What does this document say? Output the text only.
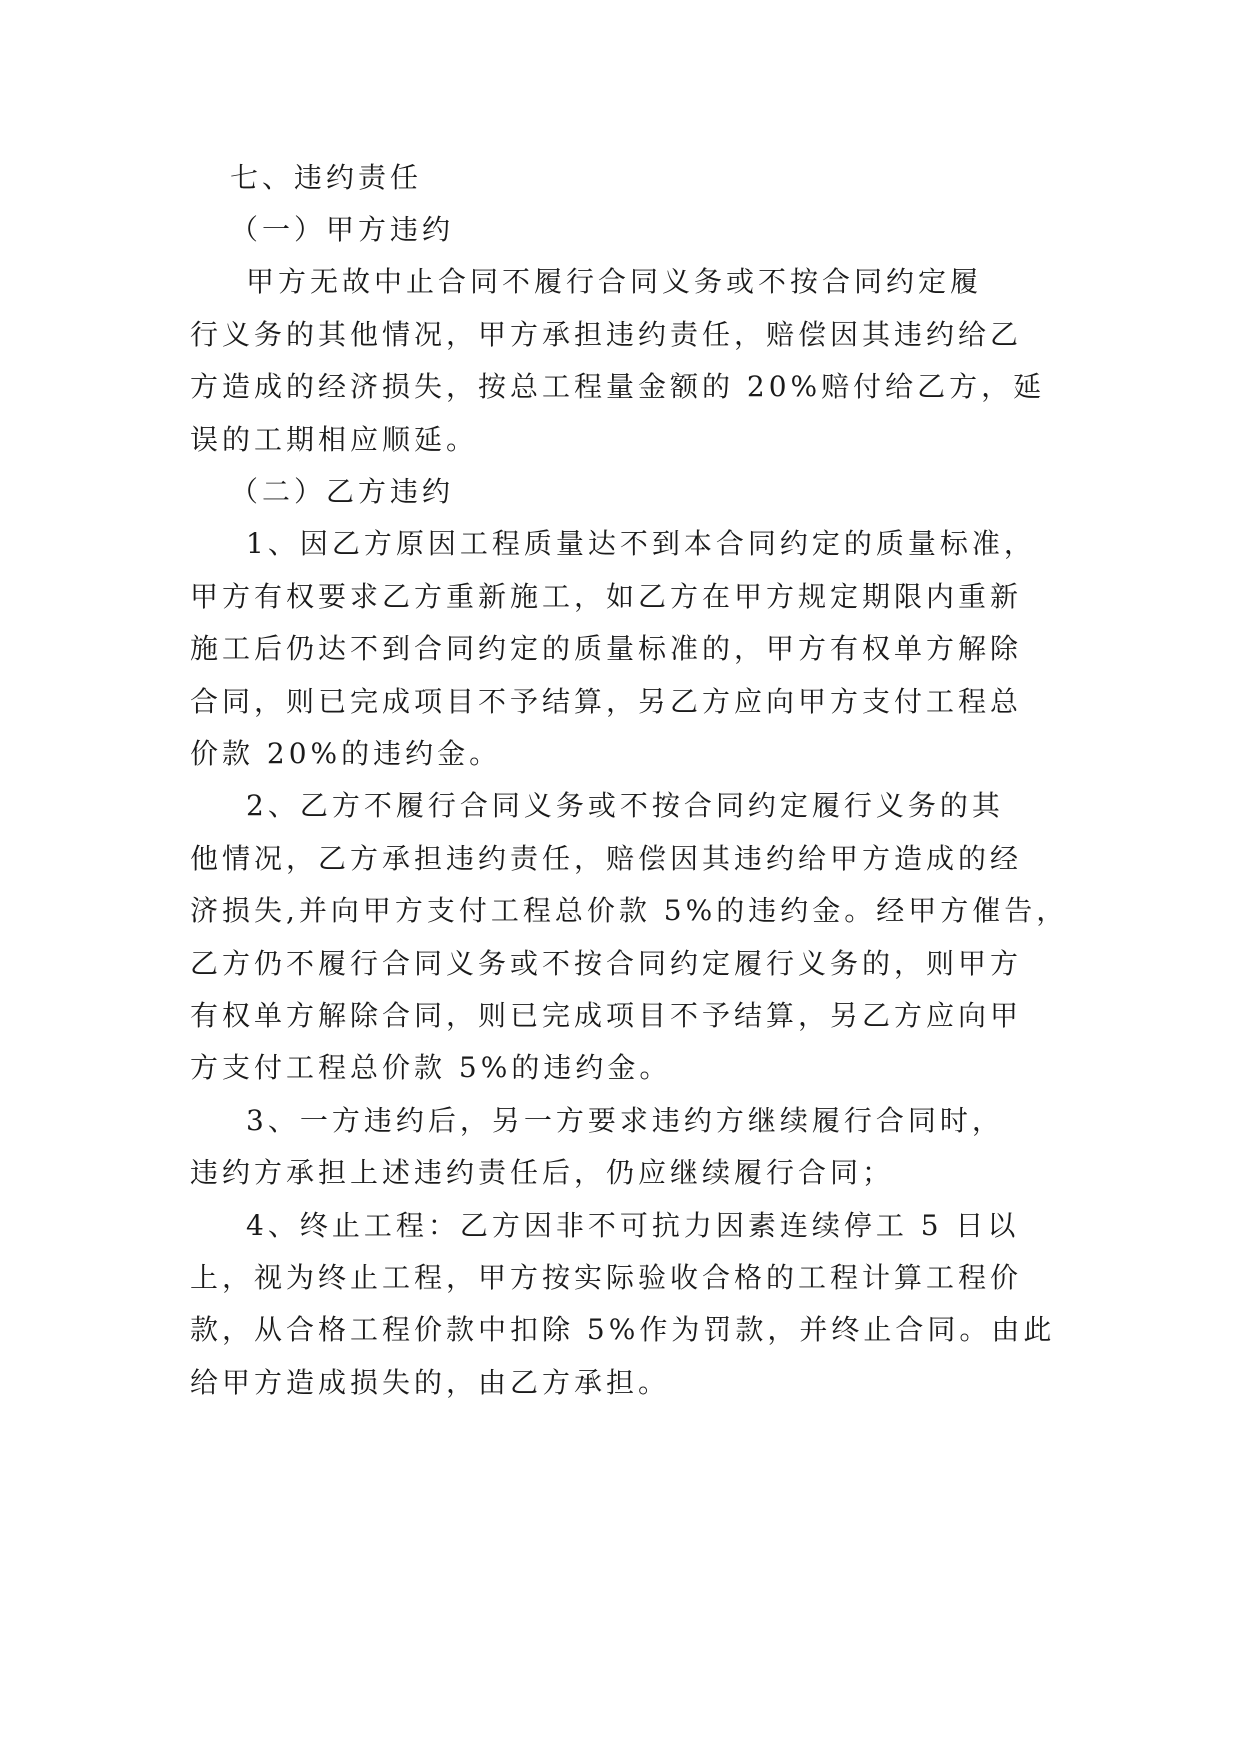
七、违约责任
（一）甲方违约
甲方无故中止合同不履行合同义务或不按合同约定履
行义务的其他情况，甲方承担违约责任，赔偿因其违约给乙
方造成的经济损失，按总工程量金额的 20%赔付给乙方，延
误的工期相应顺延。
（二）乙方违约
1、因乙方原因工程质量达不到本合同约定的质量标准，
甲方有权要求乙方重新施工，如乙方在甲方规定期限内重新
施工后仍达不到合同约定的质量标准的，甲方有权单方解除
合同，则已完成项目不予结算，另乙方应向甲方支付工程总
价款 20%的违约金。
2、乙方不履行合同义务或不按合同约定履行义务的其
他情况，乙方承担违约责任，赔偿因其违约给甲方造成的经
济损失,并向甲方支付工程总价款 5%的违约金。经甲方催告，
乙方仍不履行合同义务或不按合同约定履行义务的，则甲方
有权单方解除合同，则已完成项目不予结算，另乙方应向甲
方支付工程总价款 5%的违约金。
3、一方违约后，另一方要求违约方继续履行合同时，
违约方承担上述违约责任后，仍应继续履行合同；
4、终止工程：乙方因非不可抗力因素连续停工 5 日以
上，视为终止工程，甲方按实际验收合格的工程计算工程价
款，从合格工程价款中扣除 5%作为罚款，并终止合同。由此
给甲方造成损失的，由乙方承担。
